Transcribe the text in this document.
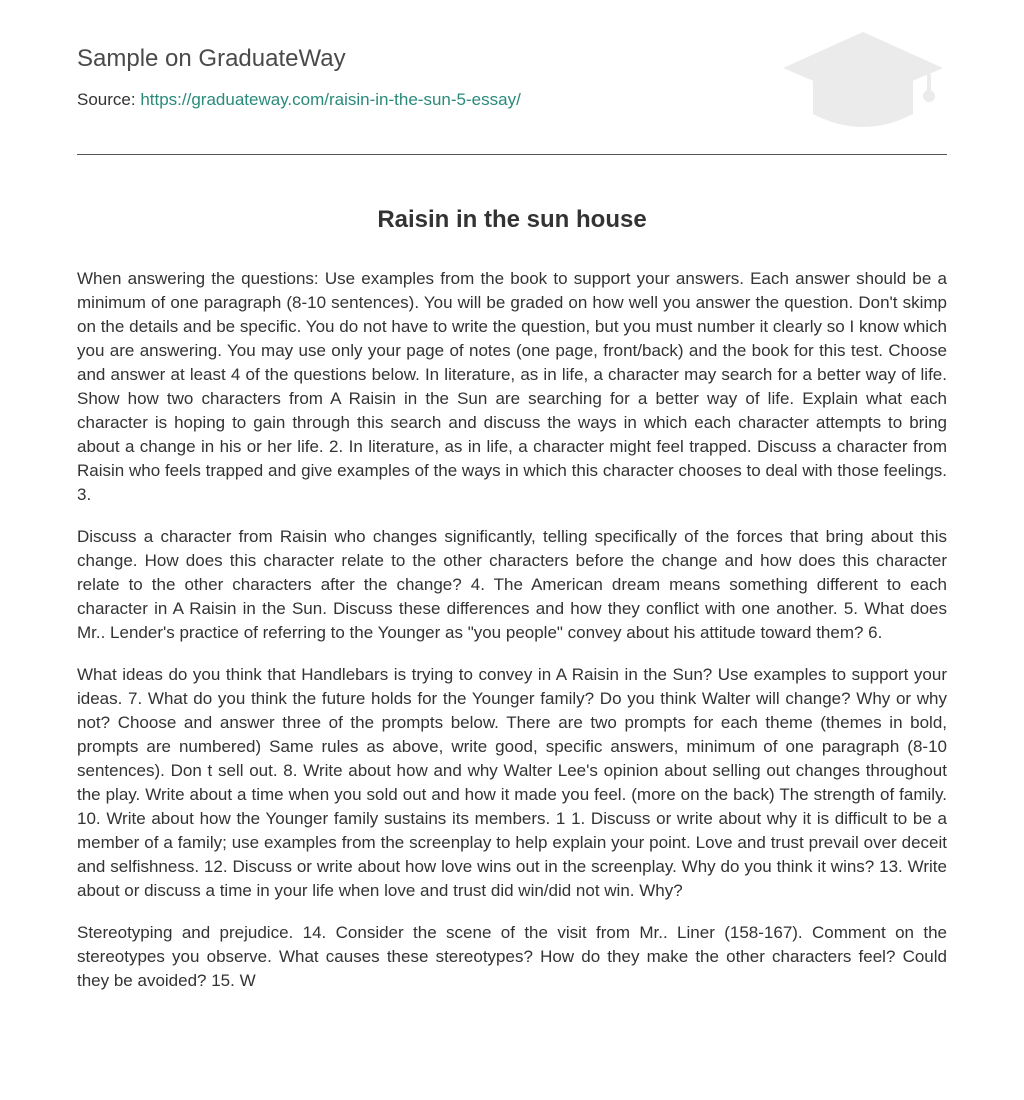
Sample on GraduateWay
Source: https://graduateway.com/raisin-in-the-sun-5-essay/
Raisin in the sun house

When answering the questions: Use examples from the book to support your answers. Each answer should be a minimum of one paragraph (8-10 sentences). You will be graded on how well you answer the question. Don't skimp on the details and be specific. You do not have to write the question, but you must number it clearly so I know which you are answering. You may use only your page of notes (one page, front/back) and the book for this test. Choose and answer at least 4 of the questions below. In literature, as in life, a character may search for a better way of life. Show how two characters from A Raisin in the Sun are searching for a better way of life. Explain what each character is hoping to gain through this search and discuss the ways in which each character attempts to bring about a change in his or her life. 2. In literature, as in life, a character might feel trapped. Discuss a character from Raisin who feels trapped and give examples of the ways in which this character chooses to deal with those feelings. 3.

Discuss a character from Raisin who changes significantly, telling specifically of the forces that bring about this change. How does this character relate to the other characters before the change and how does this character relate to the other characters after the change? 4. The American dream means something different to each character in A Raisin in the Sun. Discuss these differences and how they conflict with one another. 5. What does Mr.. Lender's practice of referring to the Younger as "you people" convey about his attitude toward them? 6.

What ideas do you think that Handlebars is trying to convey in A Raisin in the Sun? Use examples to support your ideas. 7. What do you think the future holds for the Younger family? Do you think Walter will change? Why or why not? Choose and answer three of the prompts below. There are two prompts for each theme (themes in bold, prompts are numbered) Same rules as above, write good, specific answers, minimum of one paragraph (8-10 sentences). Don t sell out. 8. Write about how and why Walter Lee's opinion about selling out changes throughout the play. Write about a time when you sold out and how it made you feel. (more on the back) The strength of family. 10. Write about how the Younger family sustains its members. 1 1. Discuss or write about why it is difficult to be a member of a family; use examples from the screenplay to help explain your point. Love and trust prevail over deceit and selfishness. 12. Discuss or write about how love wins out in the screenplay. Why do you think it wins? 13. Write about or discuss a time in your life when love and trust did win/did not win. Why?

Stereotyping and prejudice. 14. Consider the scene of the visit from Mr.. Liner (158-167). Comment on the stereotypes you observe. What causes these stereotypes? How do they make the other characters feel? Could they be avoided? 15. W
